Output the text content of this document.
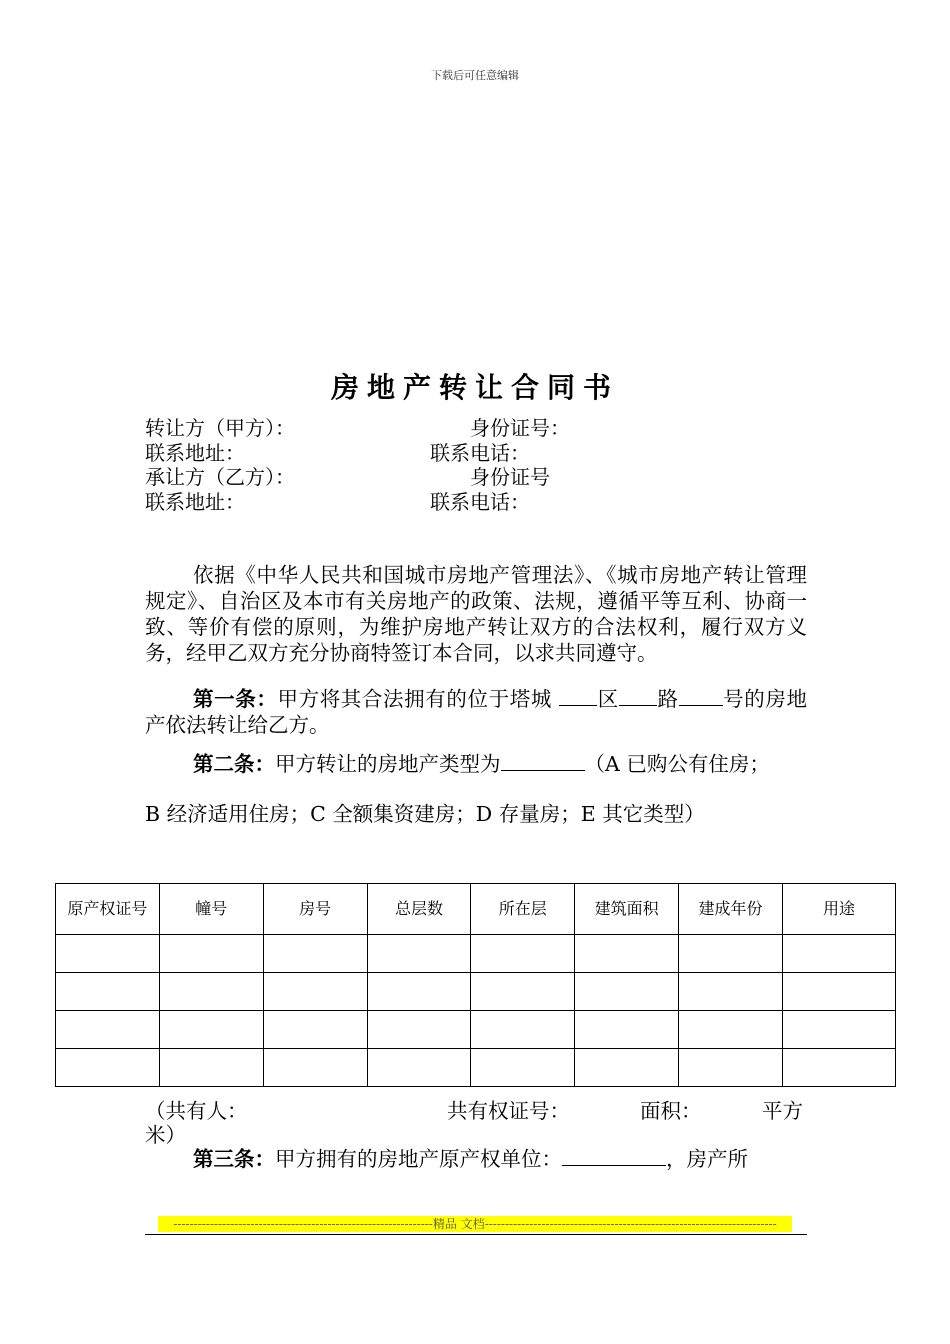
下载后可任意编辑
房地产转让合同书
转让方（甲方）：	身份证号：
联系地址：	联系电话：
承让方（乙方）：	身份证号
联系地址：	联系电话：
依据《中华人民共和国城市房地产管理法》、《城市房地产转让管理规定》、自治区及本市有关房地产的政策、法规，遵循平等互利、协商一致、等价有偿的原则，为维护房地产转让双方的合法权利，履行双方义务，经甲乙双方充分协商特签订本合同，以求共同遵守。
第一条：甲方将其合法拥有的位于塔城 区 路 号的房地产依法转让给乙方。
第二条：甲方转让的房地产类型为	（A 已购公有住房；
B 经济适用住房；C 全额集资建房；D 存量房；E 其它类型）
原产权证号	幢号	房号	总层数	所在层	建筑面积	建成年份	用途

（共有人：	共有权证号：	面积：	平方
米）
第三条：甲方拥有的房地产原产权单位：	，房产所
----------------------------------------------------------------精品 文档------------------------------------------------------------------------
